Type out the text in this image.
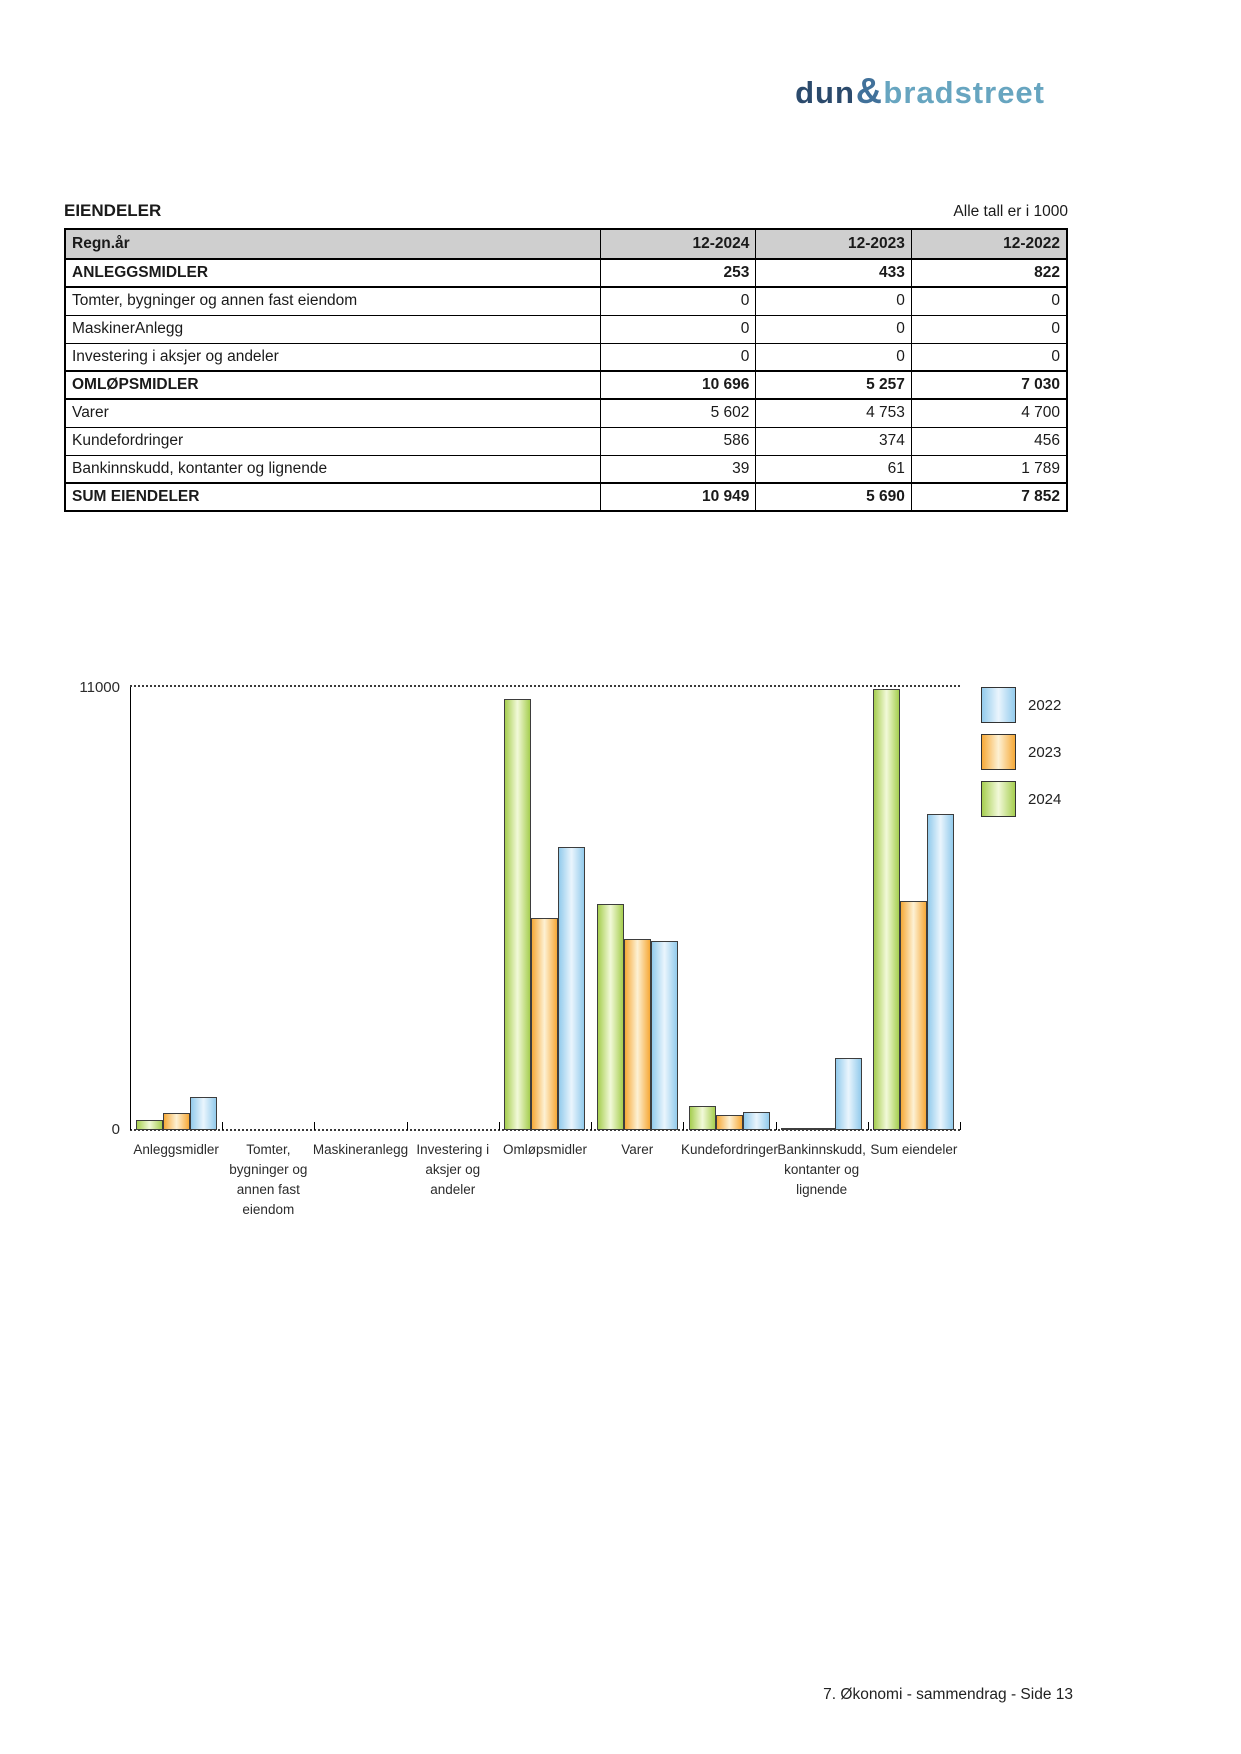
dun&bradstreet
EIENDELER	Alle tall er i 1000
Regn.år	12-2024	12-2023	12-2022
ANLEGGSMIDLER	253	433	822
Tomter, bygninger og annen fast eiendom	0	0	0
MaskinerAnlegg	0	0	0
Investering i aksjer og andeler	0	0	0
OMLØPSMIDLER	10 696	5 257	7 030
Varer	5 602	4 753	4 700
Kundefordringer	586	374	456
Bankinnskudd, kontanter og lignende	39	61	1 789
SUM EIENDELER	10 949	5 690	7 852
11000
0
Anleggsmidler	Tomter,
bygninger og
annen fast
eiendom
Maskineranlegg Investering i
aksjer og
andeler
Omløpsmidler	Varer	Kundefordringer Bankinnskudd,
kontanter og
lignende
Sum eiendeler
2022
2023
2024
7. Økonomi - sammendrag - Side 13
